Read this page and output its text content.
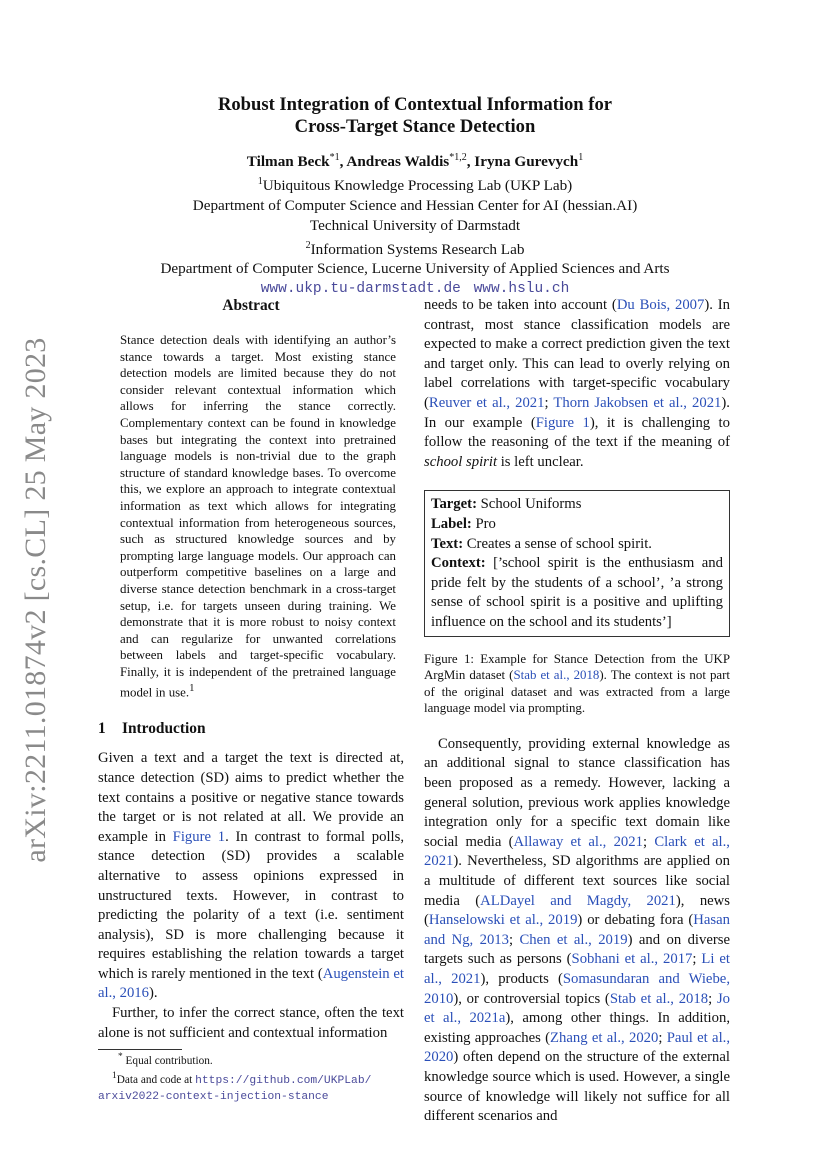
arXiv:2211.01874v2 [cs.CL] 25 May 2023
Robust Integration of Contextual Information for
Cross-Target Stance Detection
Tilman Beck$^{*1}$, Andreas Waldis$^{*1,2}$, Iryna Gurevych$^1$
$^1$Ubiquitous Knowledge Processing Lab (UKP Lab)
Department of Computer Science and Hessian Center for AI (hessian.AI)
Technical University of Darmstadt
$^2$Information Systems Research Lab
Department of Computer Science, Lucerne University of Applied Sciences and Arts
www.ukp.tu-darmstadt.de www.hslu.ch
Abstract
Stance detection deals with identifying an author’s stance towards a target. Most existing stance detection models are limited because they do not consider relevant contextual information which allows for inferring the stance correctly. Complementary context can be found in knowledge bases but integrating the context into pretrained language models is non-trivial due to the graph structure of standard knowledge bases. To overcome this, we explore an approach to integrate contextual information as text which allows for integrating contextual information from heterogeneous sources, such as structured knowledge sources and by prompting large language models. Our approach can outperform competitive baselines on a large and diverse stance detection benchmark in a cross-target setup, i.e. for targets unseen during training. We demonstrate that it is more robust to noisy context and can regularize for unwanted correlations between labels and target-specific vocabulary. Finally, it is independent of the pretrained language model in use.$^1$
1 Introduction

Given a text and a target the text is directed at, stance detection (SD) aims to predict whether the text contains a positive or negative stance towards the target or is not related at all. We provide an example in Figure 1. In contrast to formal polls, stance detection (SD) provides a scalable alternative to assess opinions expressed in unstructured texts. However, in contrast to predicting the polarity of a text (i.e. sentiment analysis), SD is more challenging because it requires establishing the relation towards a target which is rarely mentioned in the text (Augenstein et al., 2016).

Further, to infer the correct stance, often the text alone is not sufficient and contextual information

* Equal contribution.
$^1$Data and code at https://github.com/UKPLab/
arxiv2022-context-injection-stance

needs to be taken into account (Du Bois, 2007). In contrast, most stance classification models are expected to make a correct prediction given the text and target only. This can lead to overly relying on label correlations with target-specific vocabulary (Reuver et al., 2021; Thorn Jakobsen et al., 2021). In our example (Figure 1), it is challenging to follow the reasoning of the text if the meaning of school spirit is left unclear.

Target: School Uniforms
Label: Pro
Text: Creates a sense of school spirit.
Context: [’school spirit is the enthusiasm and pride felt by the students of a school’, ’a strong sense of school spirit is a positive and uplifting influence on the school and its students’]
Figure 1: Example for Stance Detection from the UKP ArgMin dataset (Stab et al., 2018). The context is not part of the original dataset and was extracted from a large language model via prompting.

Consequently, providing external knowledge as an additional signal to stance classification has been proposed as a remedy. However, lacking a general solution, previous work applies knowledge integration only for a specific text domain like social media (Allaway et al., 2021; Clark et al., 2021). Nevertheless, SD algorithms are applied on a multitude of different text sources like social media (ALDayel and Magdy, 2021), news (Hanselowski et al., 2019) or debating fora (Hasan and Ng, 2013; Chen et al., 2019) and on diverse targets such as persons (Sobhani et al., 2017; Li et al., 2021), products (Somasundaran and Wiebe, 2010), or controversial topics (Stab et al., 2018; Jo et al., 2021a), among other things. In addition, existing approaches (Zhang et al., 2020; Paul et al., 2020) often depend on the structure of the external knowledge source which is used. However, a single source of knowledge will likely not suffice for all different scenarios and
